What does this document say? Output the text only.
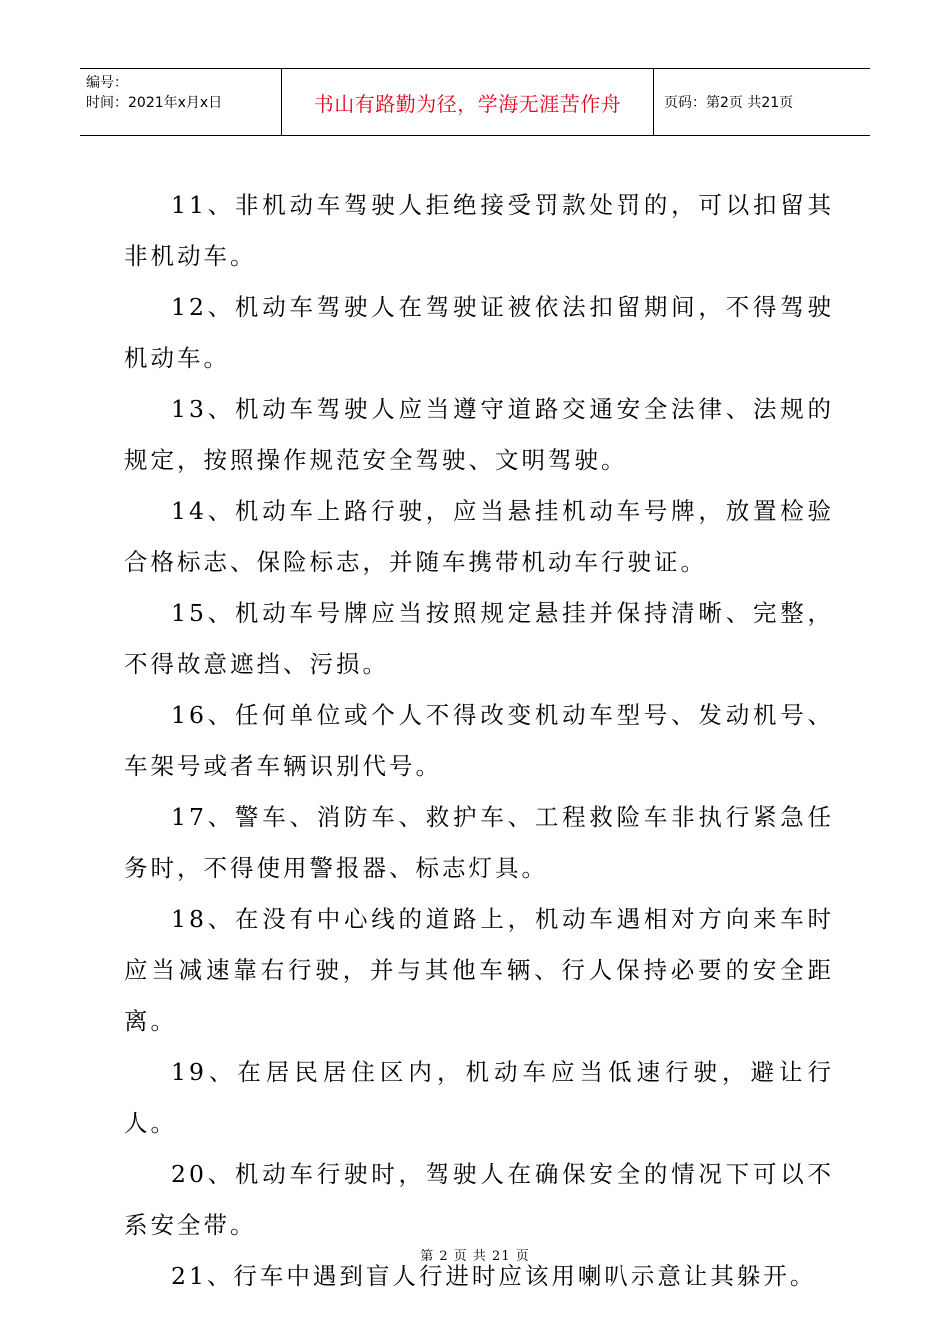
编号：
时间：2021年x月x日	书山有路勤为径，学海无涯苦作舟	页码：第2页 共21页

11、非机动车驾驶人拒绝接受罚款处罚的，可以扣留其非机动车。

12、机动车驾驶人在驾驶证被依法扣留期间，不得驾驶机动车。

13、机动车驾驶人应当遵守道路交通安全法律、法规的规定，按照操作规范安全驾驶、文明驾驶。

14、机动车上路行驶，应当悬挂机动车号牌，放置检验合格标志、保险标志，并随车携带机动车行驶证。

15、机动车号牌应当按照规定悬挂并保持清晰、完整，不得故意遮挡、污损。

16、任何单位或个人不得改变机动车型号、发动机号、车架号或者车辆识别代号。

17、警车、消防车、救护车、工程救险车非执行紧急任务时，不得使用警报器、标志灯具。

18、在没有中心线的道路上，机动车遇相对方向来车时应当减速靠右行驶，并与其他车辆、行人保持必要的安全距离。

19、在居民居住区内，机动车应当低速行驶，避让行人。

20、机动车行驶时，驾驶人在确保安全的情况下可以不系安全带。

21、行车中遇到盲人行进时应该用喇叭示意让其躲开。

第 2 页 共 21 页
